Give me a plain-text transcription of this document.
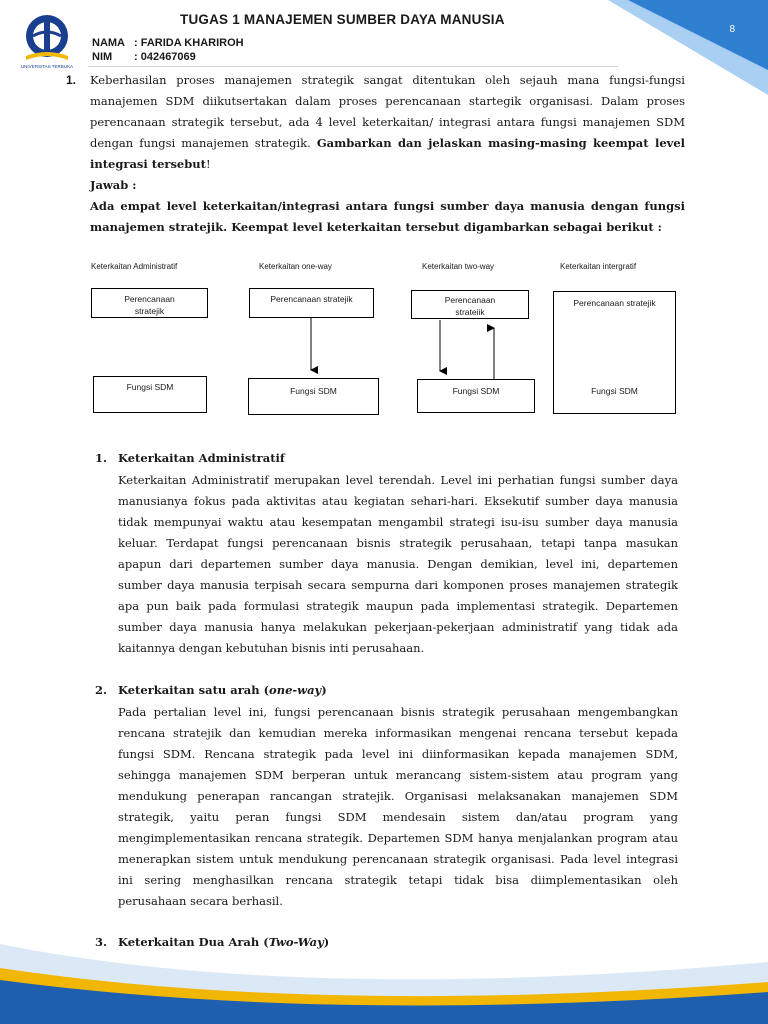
8
UNIVERSITAS TERBUKA
TUGAS 1 MANAJEMEN SUMBER DAYA MANUSIA
NAMA : FARIDA KHARIROH
NIM : 042467069
1. Keberhasilan proses manajemen strategik sangat ditentukan oleh sejauh mana fungsi-fungsi manajemen SDM diikutsertakan dalam proses perencanaan startegik organisasi. Dalam proses perencanaan strategik tersebut, ada 4 level keterkaitan/ integrasi antara fungsi manajemen SDM dengan fungsi manajemen strategik. Gambarkan dan jelaskan masing-masing keempat level integrasi tersebut!
Jawab :
Ada empat level keterkaitan/integrasi antara fungsi sumber daya manusia dengan fungsi manajemen stratejik. Keempat level keterkaitan tersebut digambarkan sebagai berikut :
Keterkaitan Administratif	Keterkaitan one-way	Keterkaitan two-way	Keterkaitan intergratif
Perencanaan stratejik
Fungsi SDM
Perencanaan stratejik
Fungsi SDM
Perencanaan strateiik
Fungsi SDM
Perencanaan stratejik
Fungsi SDM
1. Keterkaitan Administratif
Keterkaitan Administratif merupakan level terendah. Level ini perhatian fungsi sumber daya manusianya fokus pada aktivitas atau kegiatan sehari-hari. Eksekutif sumber daya manusia tidak mempunyai waktu atau kesempatan mengambil strategi isu-isu sumber daya manusia keluar. Terdapat fungsi perencanaan bisnis strategik perusahaan, tetapi tanpa masukan apapun dari departemen sumber daya manusia. Dengan demikian, level ini, departemen sumber daya manusia terpisah secara sempurna dari komponen proses manajemen strategik apa pun baik pada formulasi strategik maupun pada implementasi strategik. Departemen sumber daya manusia hanya melakukan pekerjaan-pekerjaan administratif yang tidak ada kaitannya dengan kebutuhan bisnis inti perusahaan.
2. Keterkaitan satu arah (one-way)
Pada pertalian level ini, fungsi perencanaan bisnis strategik perusahaan mengembangkan rencana stratejik dan kemudian mereka informasikan mengenai rencana tersebut kepada fungsi SDM. Rencana strategik pada level ini diinformasikan kepada manajemen SDM, sehingga manajemen SDM berperan untuk merancang sistem-sistem atau program yang mendukung penerapan rancangan stratejik. Organisasi melaksanakan manajemen SDM strategik, yaitu peran fungsi SDM mendesain sistem dan/atau program yang mengimplementasikan rencana strategik. Departemen SDM hanya menjalankan program atau menerapkan sistem untuk mendukung perencanaan strategik organisasi. Pada level integrasi ini sering menghasilkan rencana strategik tetapi tidak bisa diimplementasikan oleh perusahaan secara berhasil.
3. Keterkaitan Dua Arah (Two-Way)
